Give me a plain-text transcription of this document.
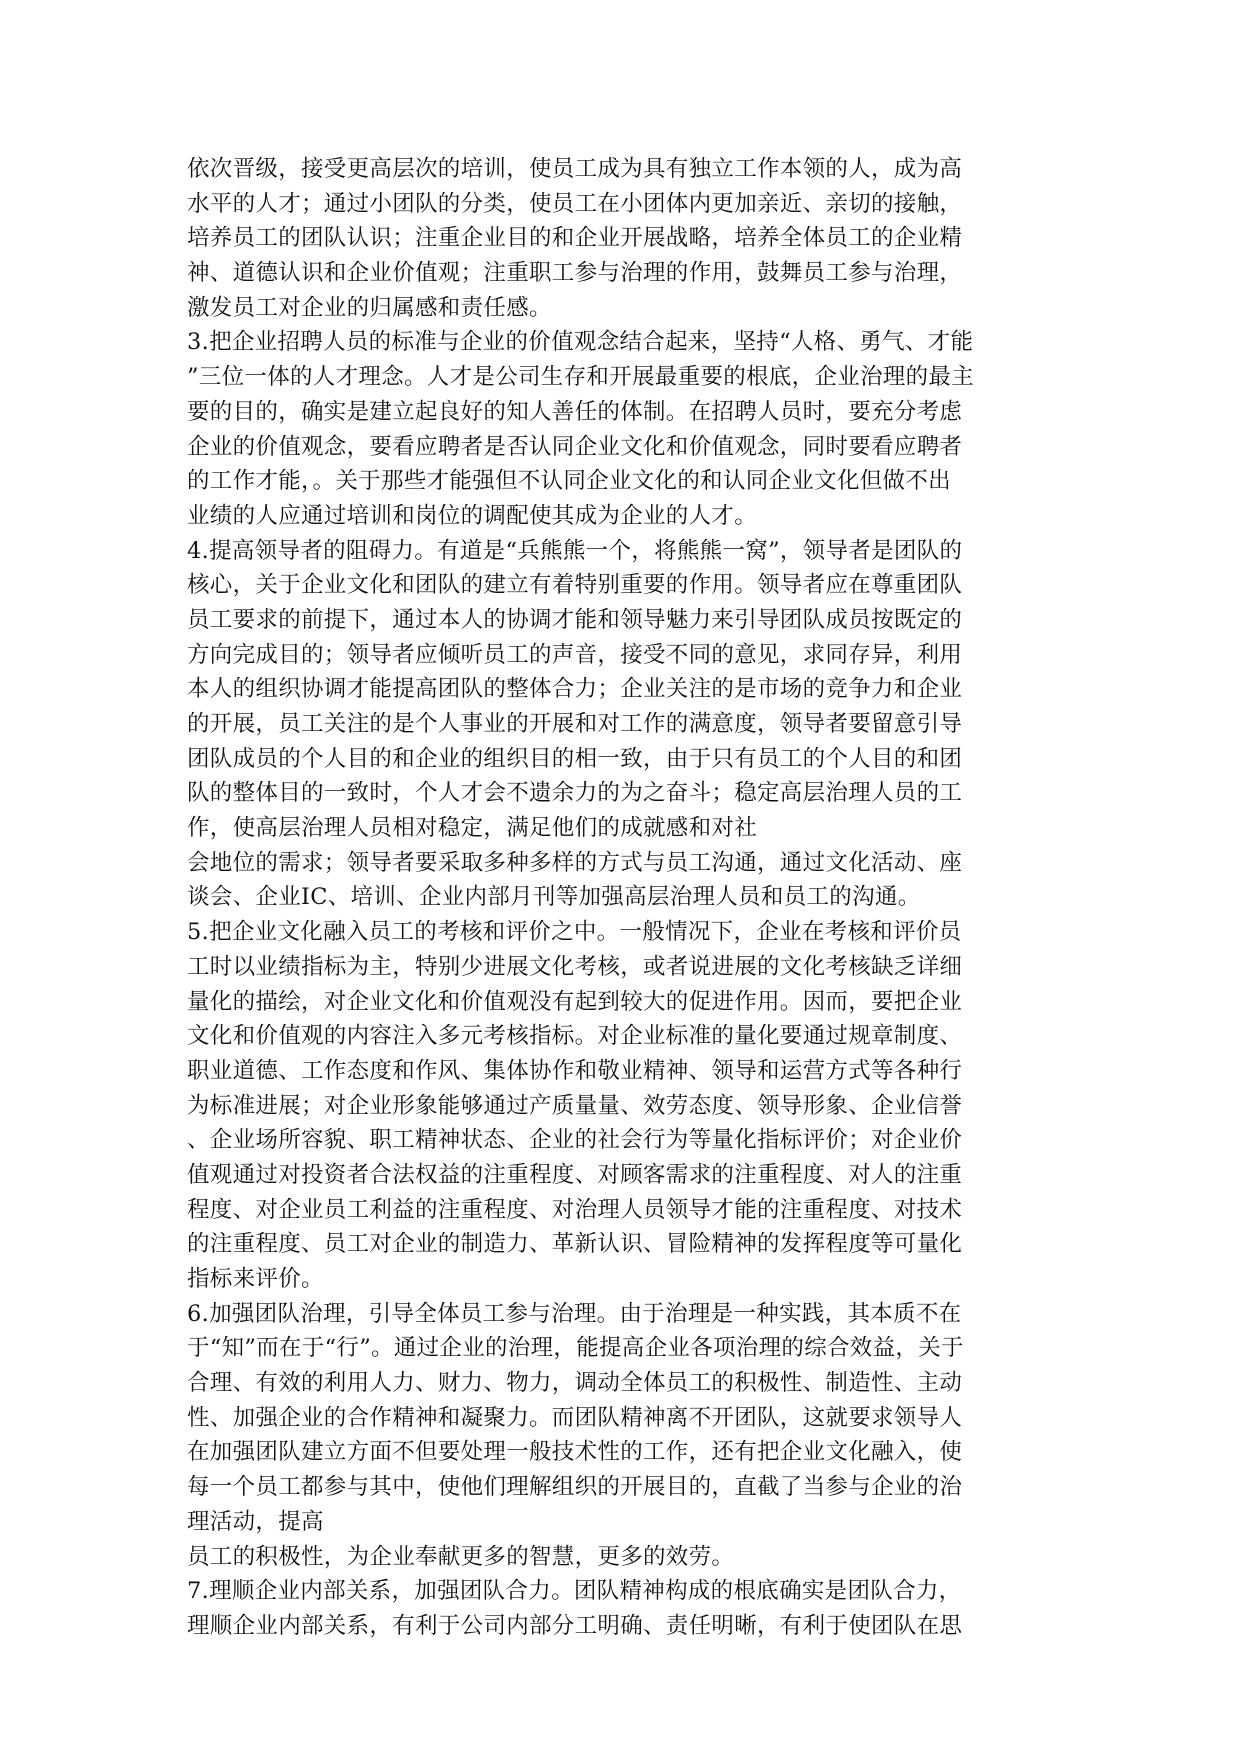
依次晋级，接受更高层次的培训，使员工成为具有独立工作本领的人，成为高
水平的人才；通过小团队的分类，使员工在小团体内更加亲近、亲切的接触，
培养员工的团队认识；注重企业目的和企业开展战略，培养全体员工的企业精
神、道德认识和企业价值观；注重职工参与治理的作用，鼓舞员工参与治理，
激发员工对企业的归属感和责任感。
3.把企业招聘人员的标准与企业的价值观念结合起来，坚持“人格、勇气、才能
”三位一体的人才理念。人才是公司生存和开展最重要的根底，企业治理的最主
要的目的，确实是建立起良好的知人善任的体制。在招聘人员时，要充分考虑
企业的价值观念，要看应聘者是否认同企业文化和价值观念，同时要看应聘者
的工作才能，。关于那些才能强但不认同企业文化的和认同企业文化但做不出
业绩的人应通过培训和岗位的调配使其成为企业的人才。
4.提高领导者的阻碍力。有道是“兵熊熊一个，将熊熊一窝”，领导者是团队的
核心，关于企业文化和团队的建立有着特别重要的作用。领导者应在尊重团队
员工要求的前提下，通过本人的协调才能和领导魅力来引导团队成员按既定的
方向完成目的；领导者应倾听员工的声音，接受不同的意见，求同存异，利用
本人的组织协调才能提高团队的整体合力；企业关注的是市场的竞争力和企业
的开展，员工关注的是个人事业的开展和对工作的满意度，领导者要留意引导
团队成员的个人目的和企业的组织目的相一致，由于只有员工的个人目的和团
队的整体目的一致时，个人才会不遗余力的为之奋斗；稳定高层治理人员的工
作，使高层治理人员相对稳定，满足他们的成就感和对社
会地位的需求；领导者要采取多种多样的方式与员工沟通，通过文化活动、座
谈会、企业IC、培训、企业内部月刊等加强高层治理人员和员工的沟通。
5.把企业文化融入员工的考核和评价之中。一般情况下，企业在考核和评价员
工时以业绩指标为主，特别少进展文化考核，或者说进展的文化考核缺乏详细
量化的描绘，对企业文化和价值观没有起到较大的促进作用。因而，要把企业
文化和价值观的内容注入多元考核指标。对企业标准的量化要通过规章制度、
职业道德、工作态度和作风、集体协作和敬业精神、领导和运营方式等各种行
为标准进展；对企业形象能够通过产质量量、效劳态度、领导形象、企业信誉
、企业场所容貌、职工精神状态、企业的社会行为等量化指标评价；对企业价
值观通过对投资者合法权益的注重程度、对顾客需求的注重程度、对人的注重
程度、对企业员工利益的注重程度、对治理人员领导才能的注重程度、对技术
的注重程度、员工对企业的制造力、革新认识、冒险精神的发挥程度等可量化
指标来评价。
6.加强团队治理，引导全体员工参与治理。由于治理是一种实践，其本质不在
于“知”而在于“行”。通过企业的治理，能提高企业各项治理的综合效益，关于
合理、有效的利用人力、财力、物力，调动全体员工的积极性、制造性、主动
性、加强企业的合作精神和凝聚力。而团队精神离不开团队，这就要求领导人
在加强团队建立方面不但要处理一般技术性的工作，还有把企业文化融入，使
每一个员工都参与其中，使他们理解组织的开展目的，直截了当参与企业的治
理活动，提高
员工的积极性，为企业奉献更多的智慧，更多的效劳。
7.理顺企业内部关系，加强团队合力。团队精神构成的根底确实是团队合力，
理顺企业内部关系，有利于公司内部分工明确、责任明晰，有利于使团队在思
